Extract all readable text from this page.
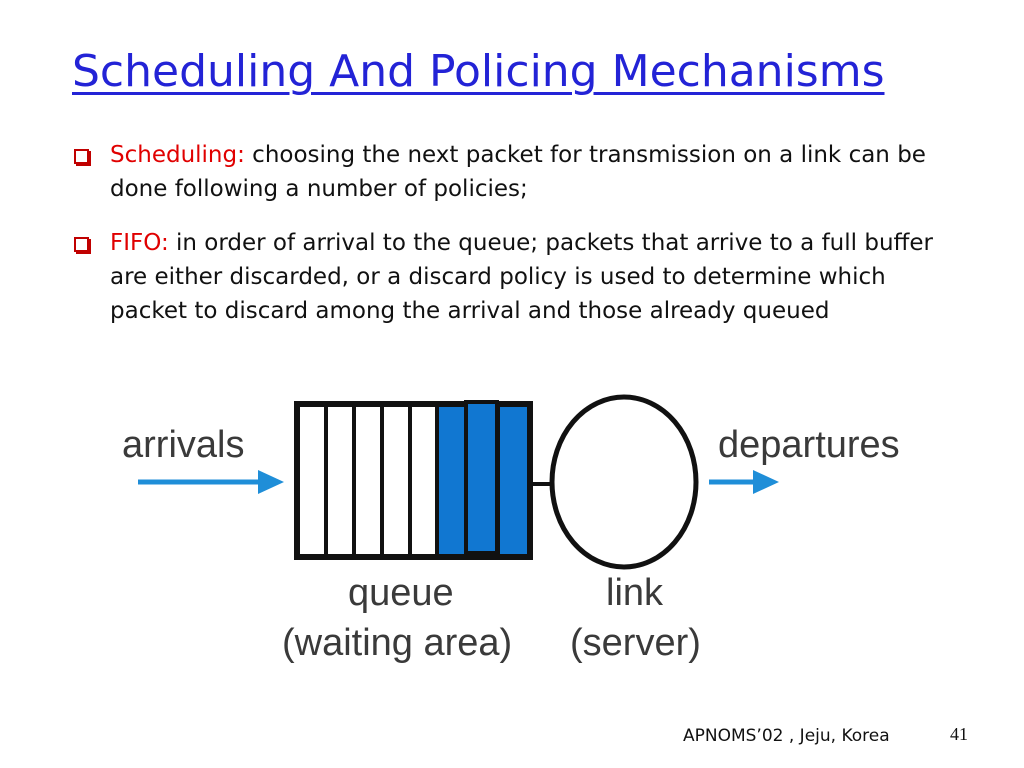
Scheduling And Policing Mechanisms
Scheduling: choosing the next packet for transmission on a link can be done following a number of policies;
FIFO: in order of arrival to the queue; packets that arrive to a full buffer are either discarded, or a discard policy is used to determine which packet to discard among the arrival and those already queued
arrivals	departures
queue
(waiting area)
link
(server)
APNOMS’02 , Jeju, Korea	41
